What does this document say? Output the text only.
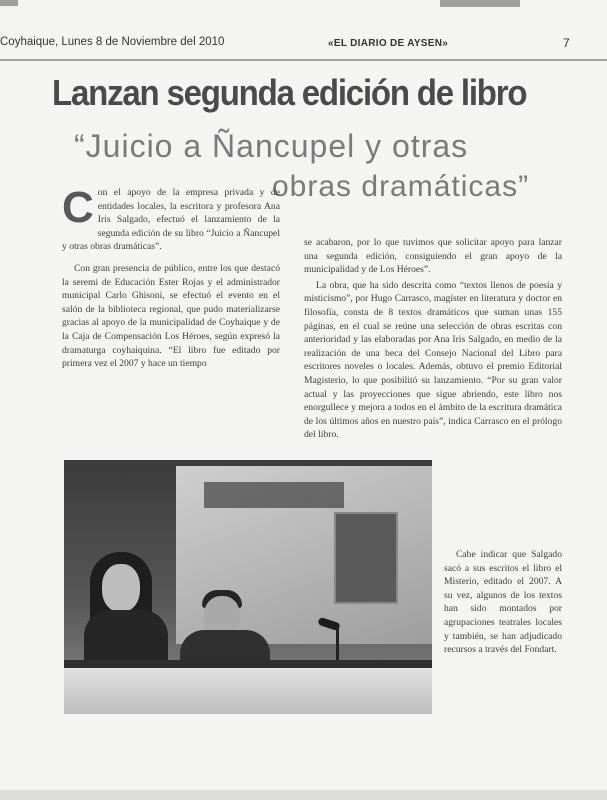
Coyhaique, Lunes 8 de Noviembre del 2010	«EL DIARIO DE AYSEN»	7
Lanzan segunda edición de libro
“Juicio a Ñancupel y otras
obras dramáticas”
C on el apoyo de la empresa privada y de entidades locales, la escritora y profesora Ana Iris Salgado, efectuó el lanzamiento de la segunda edición de su libro “Juicio a Ñancupel y otras obras dramáticas”.

Con gran presencia de público, entre los que destacó la seremi de Educación Ester Rojas y el administrador municipal Carlo Ghisoni, se efectuó el evento en el salón de la biblioteca regional, que pudo materializarse gracias al apoyo de la municipalidad de Coyhaique y de la Caja de Compensación Los Héroes, según expresó la dramaturga coyhaiquina. “El libro fue editado por primera vez el 2007 y hace un tiempo

se acabaron, por lo que tuvimos que solicitar apoyo para lanzar una segunda edición, consiguiendo el gran apoyo de la municipalidad y de Los Héroes”.

La obra, que ha sido descrita como “textos llenos de poesía y misticismo”, por Hugo Carrasco, magíster en literatura y doctor en filosofía, consta de 8 textos dramáticos que suman unas 155 páginas, en el cual se reúne una selección de obras escritas con anterioridad y las elaboradas por Ana Iris Salgado, en medio de la realización de una beca del Consejo Nacional del Libro para escritores noveles o locales. Además, obtuvo el premio Editorial Magisterio, lo que posibilitó su lanzamiento. “Por su gran valor actual y las proyecciones que sigue abriendo, este libro nos enorgullece y mejora a todos en el ámbito de la escritura dramática de los últimos años en nuestro país”, indica Carrasco en el prólogo del libro.

Cabe indicar que Salgado sacó a sus escritos el libro el Misterio, editado el 2007. A su vez, algunos de los textos han sido montados por agrupaciones teatrales locales y también, se han adjudicado recursos a través del Fondart.
